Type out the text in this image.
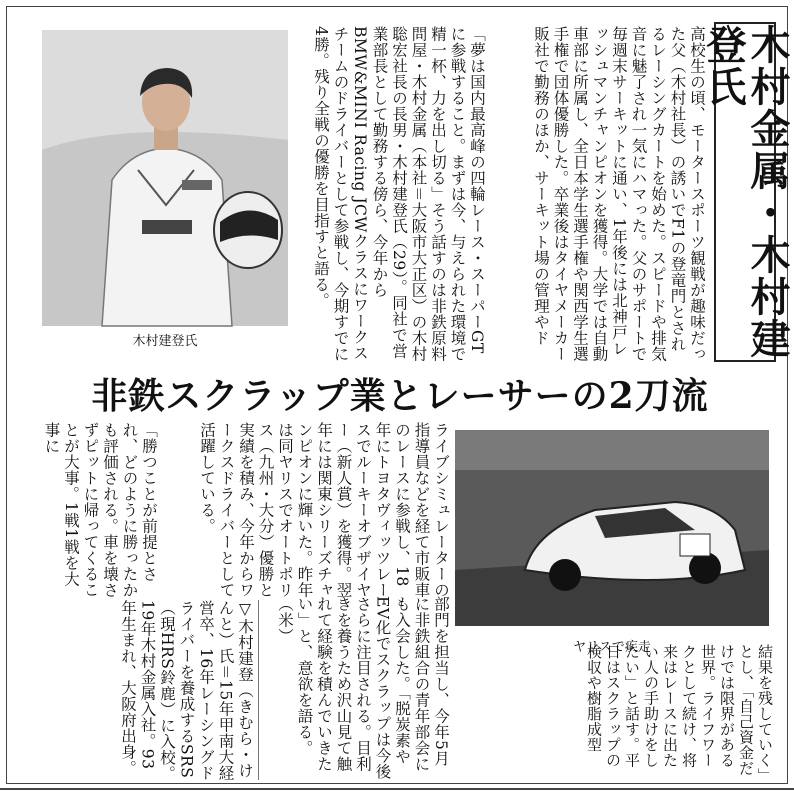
木村金属・木村建登氏
木村建登氏	「夢は国内最高峰の四輪レース・スーパーGTに参戦すること。まずは今、与えられた環境で精一杯、力を出し切る」そう話すのは非鉄原料問屋・木村金属（本社＝大阪市大正区）の木村聡宏社長の長男・木村建登氏（29）。同社で営業部長として勤務する傍ら、今年からBMW&MINI Racing JCWクラスにワークスチームのドライバーとして参戦し、今期すでに4勝。残り全戦の優勝を目指すと語る。	高校生の頃、モータースポーツ観戦が趣味だった父（木村社長）の誘いでF1の登竜門とされるレーシングカートを始めた。スピードや排気音に魅了され一気にハマった。父のサポートで毎週末サーキットに通い、1年後には北神戸レッシュマンチャンピオンを獲得。大学では自動車部に所属し、全日本学生選手権や関西学生選手権で団体優勝した。卒業後はタイヤメーカー販社で勤務のほか、サーキット場の管理やド
非鉄スクラップ業とレーサーの2刀流
ヤリスで疾走	結果を残していく」とし、「自己資金だけでは限界がある世界。ライフワークとして続け、将来はレースに出たい人の手助けをしたい」と話す。平日はスクラップの検収や樹脂成型
部門を担当し、今年5月に非鉄組合の青年部会にも入会した。「脱炭素やEV化でスクラップは今後さらに注目される。目利きを養うため沢山見て触れて経験を積んでいきたい」と、意欲を語る。（米）
ライブシミュレーターの指導員などを経て市販車のレースに参戦し、18年にトヨタヴィッツレースでルーキーオブザイヤー（新人賞）を獲得。翌年には関東シリーズチャンピオンに輝いた。昨年は同ヤリスでオートポリス（九州・大分）優勝と実績を積み、今年からワークスドライバーとして活躍している。
「勝つことが前提とされ、どのように勝ったかも評価される。車を壊さずピットに帰ってくることが大事。1戦1戦を大事に
▽木村建登（きむら・けんと）氏＝15年甲南大経営卒、16年レーシングドライバーを養成するSRS（現HRS鈴鹿）に入校。19年木村金属入社。93年生まれ、大阪府出身。
